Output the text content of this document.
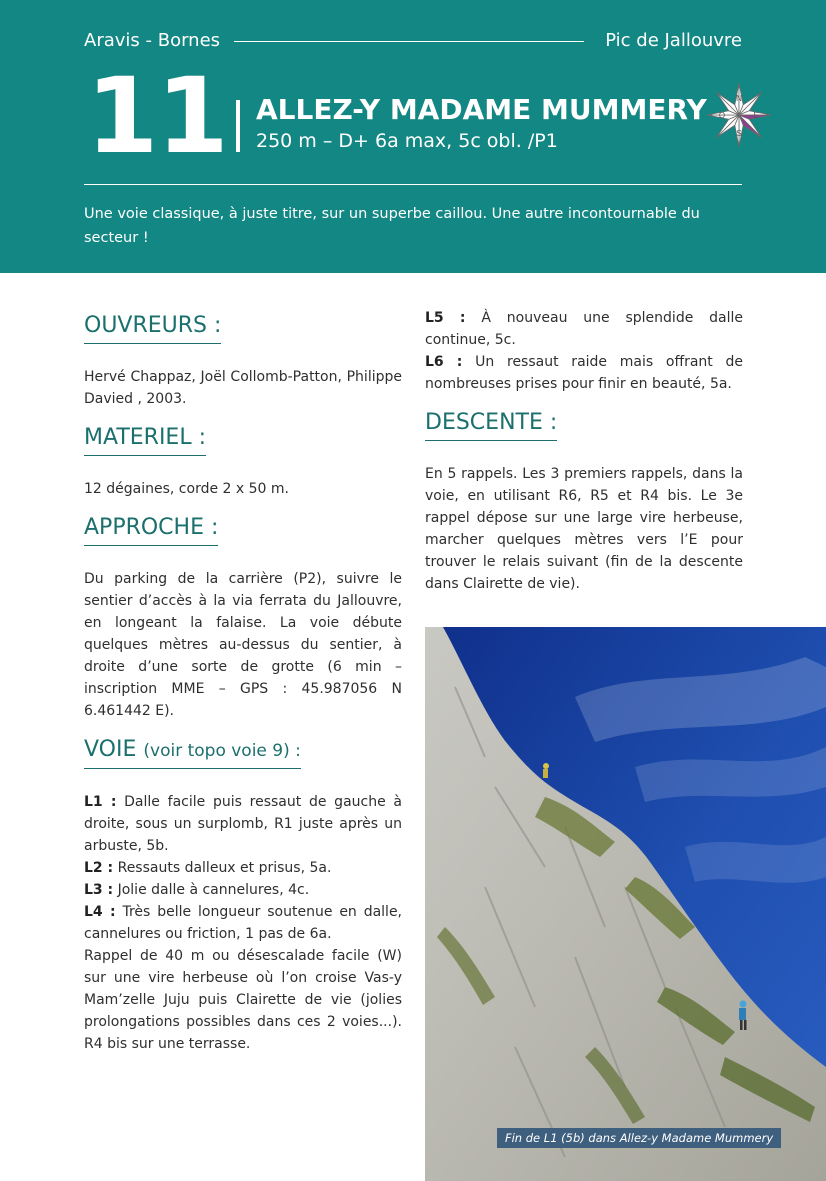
Aravis - Bornes	Pic de Jallouvre
11 ALLEZ-Y MADAME MUMMERY
250 m – D+ 6a max, 5c obl. /P1
N
S
E
O
Une voie classique, à juste titre, sur un superbe caillou. Une autre incontournable du secteur !
OUVREURS :
Hervé Chappaz, Joël Collomb-Patton, Philippe Davied , 2003.
MATERIEL :
12 dégaines, corde 2 x 50 m.
APPROCHE :
Du parking de la carrière (P2), suivre le sentier d’accès à la via ferrata du Jallouvre, en longeant la falaise. La voie débute quelques mètres au-dessus du sentier, à droite d’une sorte de grotte (6 min – inscription MME – GPS : 45.987056 N 6.461442 E).
VOIE (voir topo voie 9) :
L1 : Dalle facile puis ressaut de gauche à droite, sous un surplomb, R1 juste après un arbuste, 5b.
L2 : Ressauts dalleux et prisus, 5a.
L3 : Jolie dalle à cannelures, 4c.
L4 : Très belle longueur soutenue en dalle, cannelures ou friction, 1 pas de 6a.
Rappel de 40 m ou désescalade facile (W) sur une vire herbeuse où l’on croise Vas-y Mam’zelle Juju puis Clairette de vie (jolies prolongations possibles dans ces 2 voies...). R4 bis sur une terrasse.
L5 : À nouveau une splendide dalle continue, 5c.
L6 : Un ressaut raide mais offrant de nombreuses prises pour finir en beauté, 5a.
DESCENTE :
En 5 rappels. Les 3 premiers rappels, dans la voie, en utilisant R6, R5 et R4 bis. Le 3e rappel dépose sur une large vire herbeuse, marcher quelques mètres vers l’E pour trouver le relais suivant (fin de la descente dans Clairette de vie).
Fin de L1 (5b) dans Allez-y Madame Mummery
